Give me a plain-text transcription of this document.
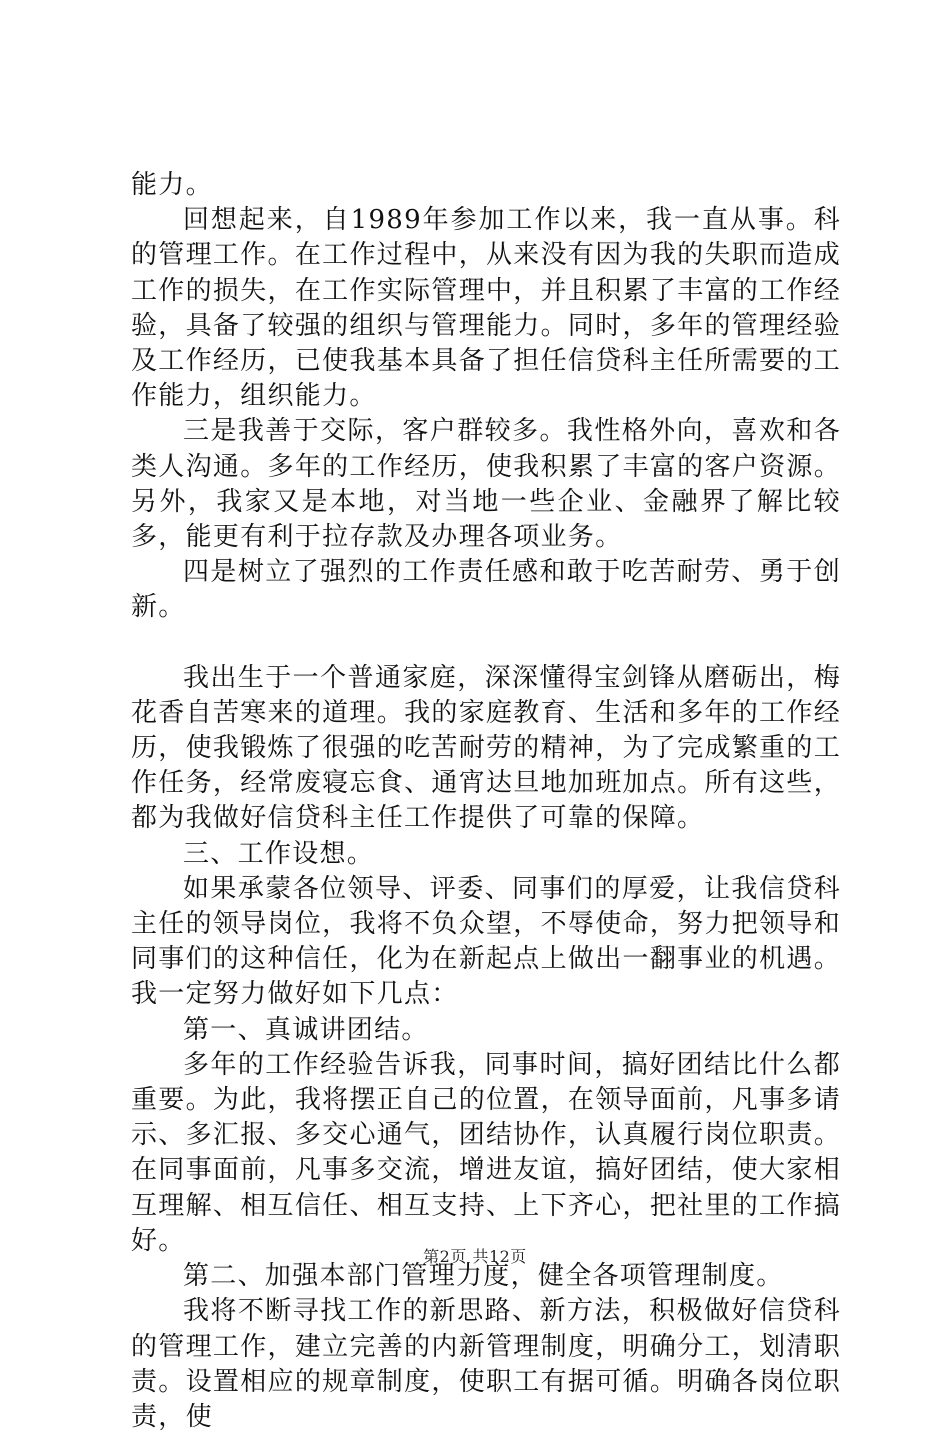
能力。

回想起来，自1989年参加工作以来，我一直从事。科的管理工作。在工作过程中，从来没有因为我的失职而造成工作的损失，在工作实际管理中，并且积累了丰富的工作经验，具备了较强的组织与管理能力。同时，多年的管理经验及工作经历，已使我基本具备了担任信贷科主任所需要的工作能力，组织能力。

三是我善于交际，客户群较多。我性格外向，喜欢和各类人沟通。多年的工作经历，使我积累了丰富的客户资源。另外，我家又是本地，对当地一些企业、金融界了解比较多，能更有利于拉存款及办理各项业务。

四是树立了强烈的工作责任感和敢于吃苦耐劳、勇于创新。

我出生于一个普通家庭，深深懂得宝剑锋从磨砺出，梅花香自苦寒来的道理。我的家庭教育、生活和多年的工作经历，使我锻炼了很强的吃苦耐劳的精神，为了完成繁重的工作任务，经常废寝忘食、通宵达旦地加班加点。所有这些，都为我做好信贷科主任工作提供了可靠的保障。

三、工作设想。

如果承蒙各位领导、评委、同事们的厚爱，让我信贷科主任的领导岗位，我将不负众望，不辱使命，努力把领导和同事们的这种信任，化为在新起点上做出一翻事业的机遇。我一定努力做好如下几点：

第一、真诚讲团结。

多年的工作经验告诉我，同事时间，搞好团结比什么都重要。为此，我将摆正自己的位置，在领导面前，凡事多请示、多汇报、多交心通气，团结协作，认真履行岗位职责。在同事面前，凡事多交流，增进友谊，搞好团结，使大家相互理解、相互信任、相互支持、上下齐心，把社里的工作搞好。

第二、加强本部门管理力度，健全各项管理制度。

我将不断寻找工作的新思路、新方法，积极做好信贷科的管理工作，建立完善的内新管理制度，明确分工，划清职责。设置相应的规章制度，使职工有据可循。明确各岗位职责，使

第2页 共12页
